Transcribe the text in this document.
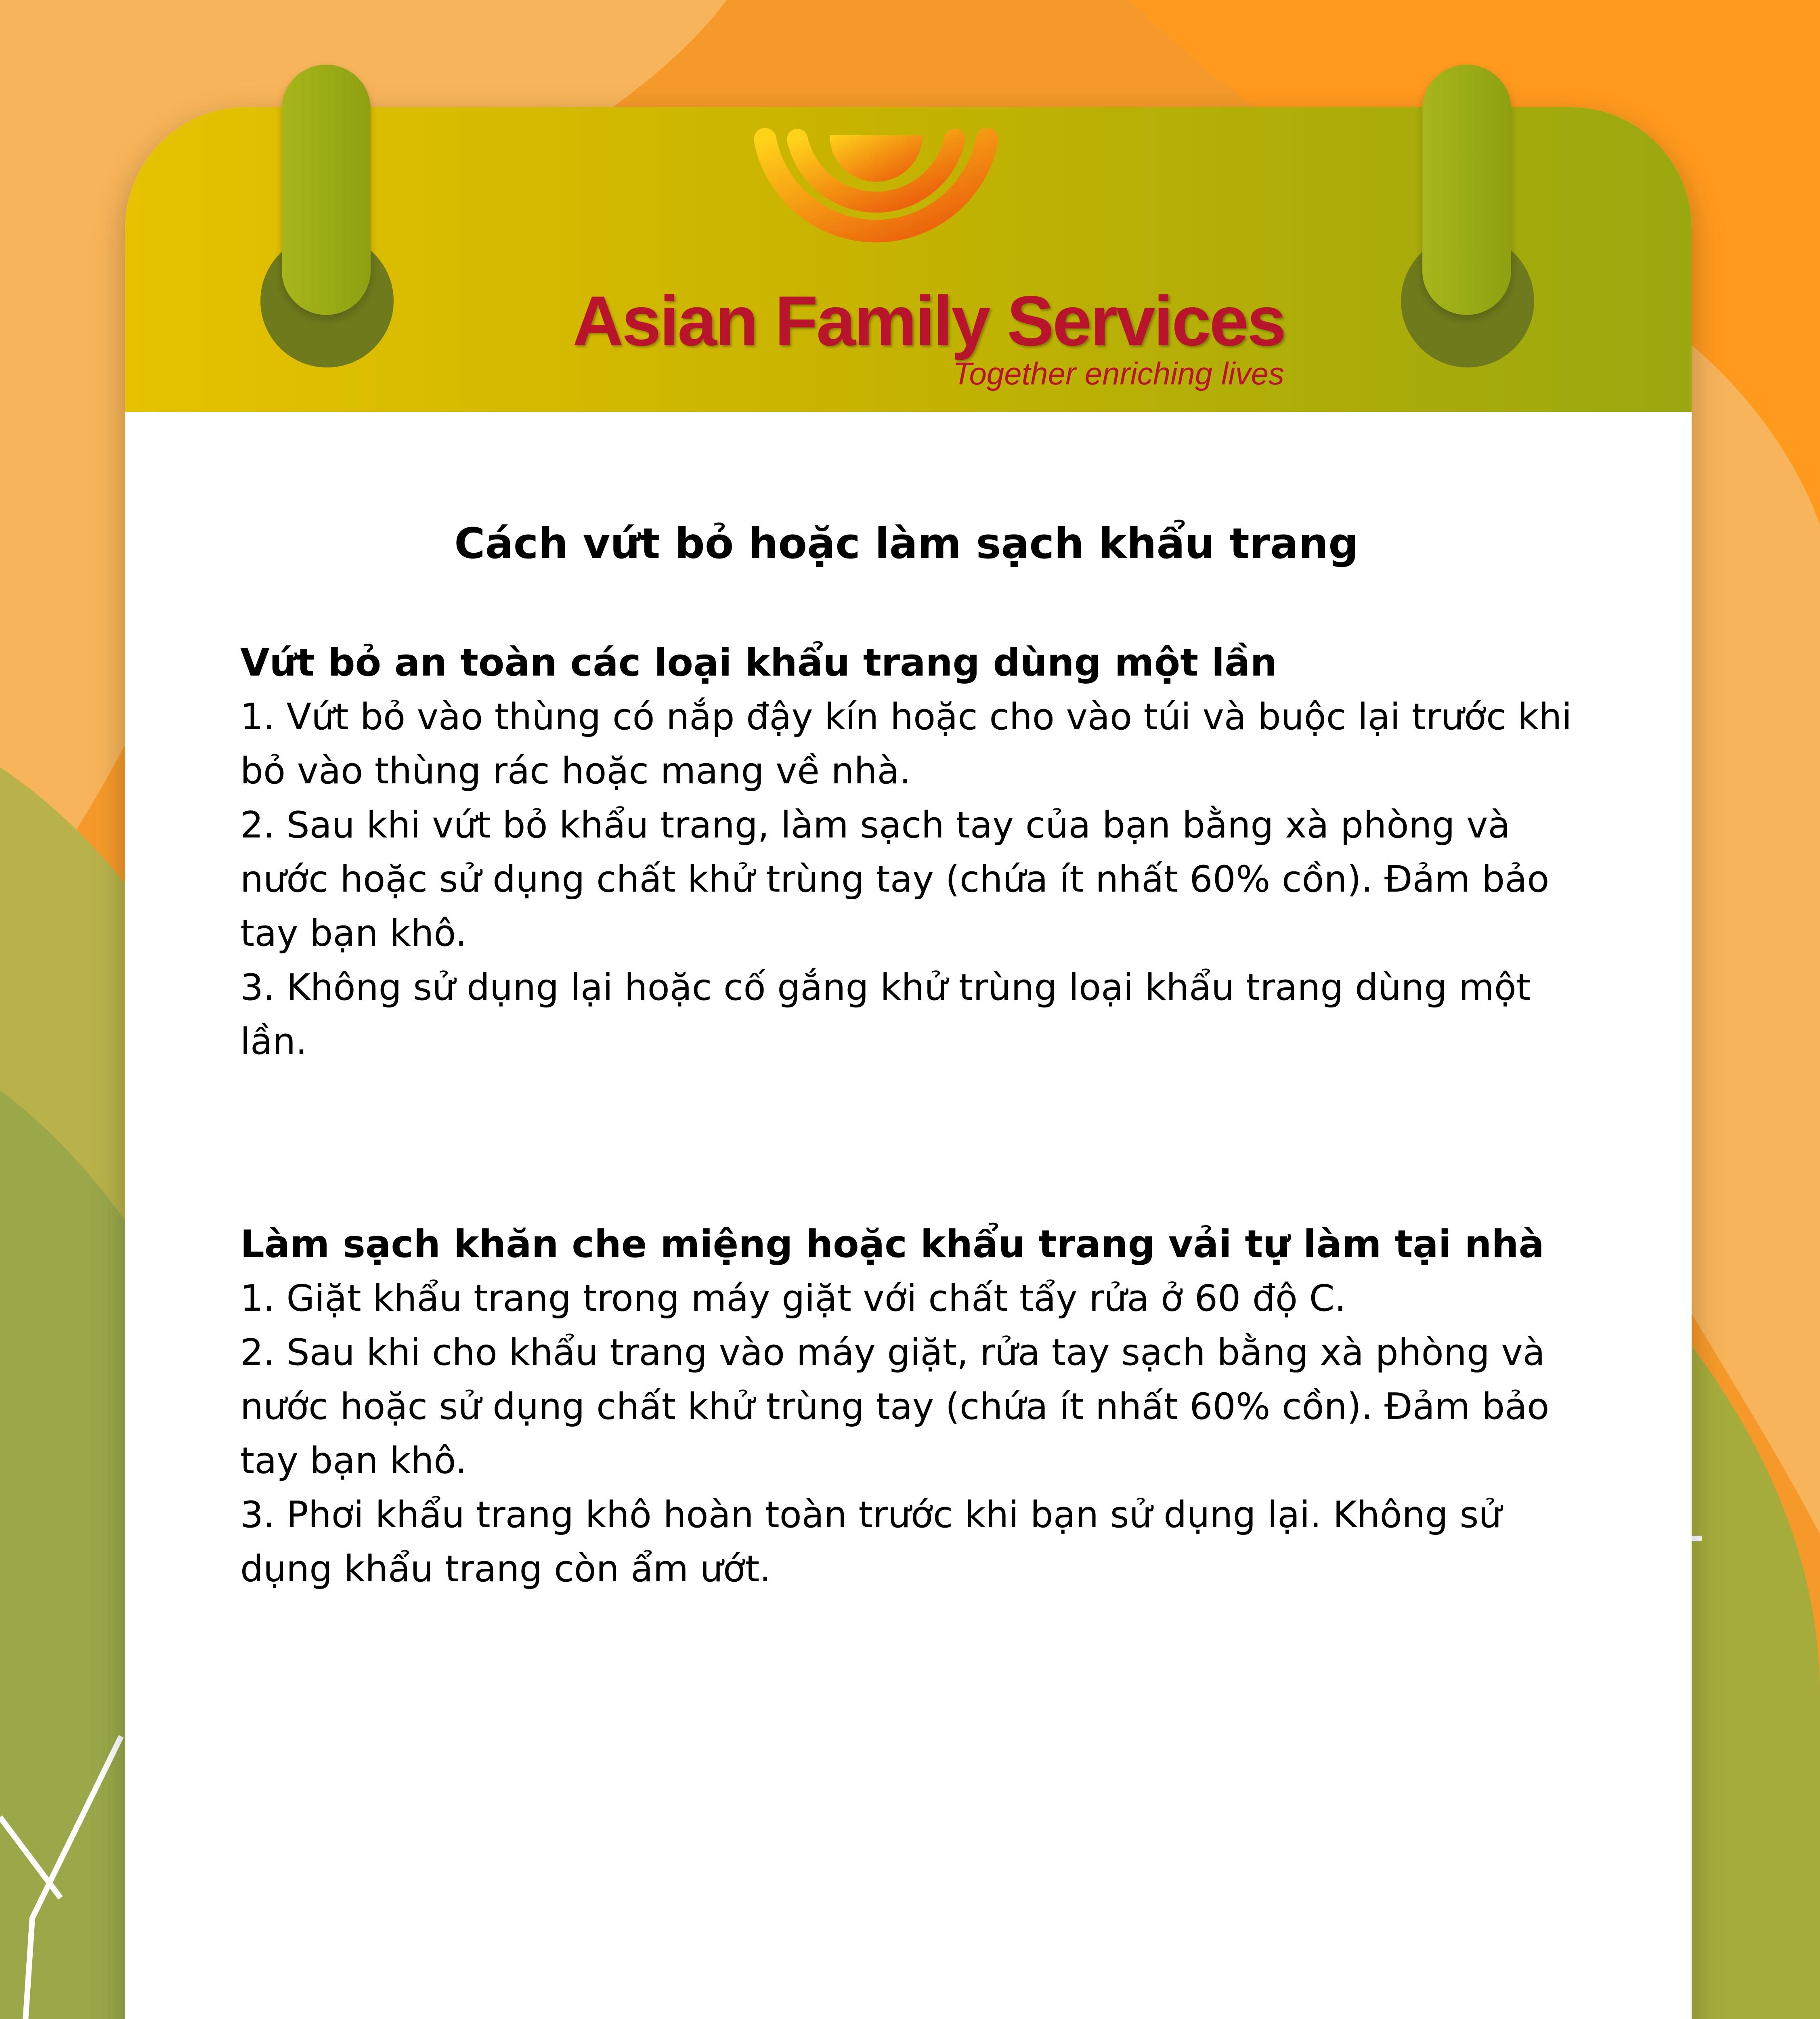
Asian Family Services

Together enriching lives

Cách vứt bỏ hoặc làm sạch khẩu trang
Vứt bỏ an toàn các loại khẩu trang dùng một lần

1. Vứt bỏ vào thùng có nắp đậy kín hoặc cho vào túi và buộc lại trước khi bỏ vào thùng rác hoặc mang về nhà.

2. Sau khi vứt bỏ khẩu trang, làm sạch tay của bạn bằng xà phòng và nước hoặc sử dụng chất khử trùng tay (chứa ít nhất 60% cồn). Đảm bảo tay bạn khô.

3. Không sử dụng lại hoặc cố gắng khử trùng loại khẩu trang dùng một lần.

Làm sạch khăn che miệng hoặc khẩu trang vải tự làm tại nhà

1. Giặt khẩu trang trong máy giặt với chất tẩy rửa ở 60 độ C.

2. Sau khi cho khẩu trang vào máy giặt, rửa tay sạch bằng xà phòng và nước hoặc sử dụng chất khử trùng tay (chứa ít nhất 60% cồn). Đảm bảo tay bạn khô.

3. Phơi khẩu trang khô hoàn toàn trước khi bạn sử dụng lại. Không sử dụng khẩu trang còn ẩm ướt.
